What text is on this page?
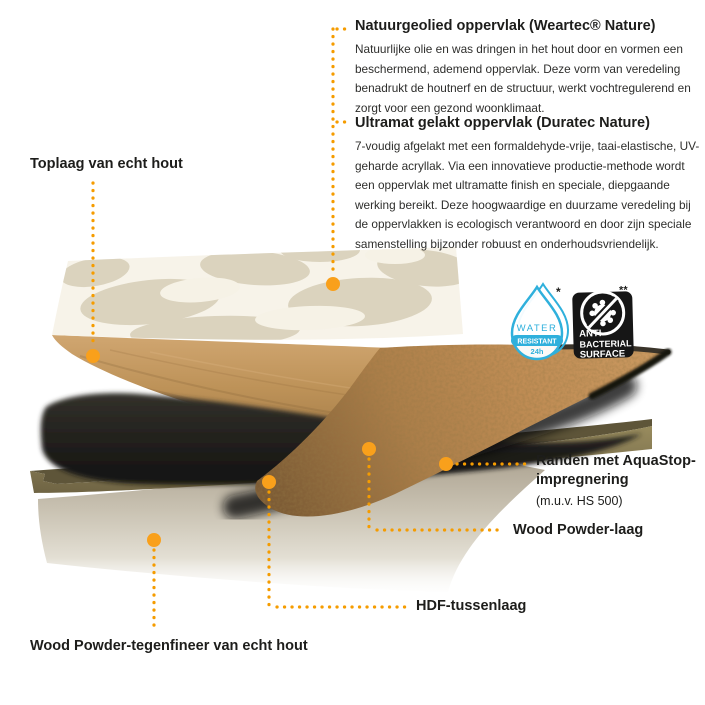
WATER
RESISTANT
24h
*
ANTI-
BACTERIAL
SURFACE
**
Natuurgeolied oppervlak (Weartec® Nature)
Natuurlijke olie en was dringen in het hout door en vormen een beschermend, ademend oppervlak. Deze vorm van veredeling benadrukt de houtnerf en de structuur, werkt vochtregulerend en zorgt voor een gezond woonklimaat.
Ultramat gelakt oppervlak (Duratec Nature)
7-voudig afgelakt met een formaldehyde-vrije, taai-elastische, UV-geharde acryllak. Via een innovatieve productie-methode wordt een oppervlak met ultramatte finish en speciale, diepgaande werking bereikt. Deze hoogwaardige en duurzame veredeling bij de oppervlakken is ecologisch verantwoord en door zijn speciale samenstelling bijzonder robuust en onderhoudsvriendelijk.
Toplaag van echt hout
Randen met AquaStop-impregnering
(m.u.v. HS 500)
Wood Powder-laag
HDF-tussenlaag
Wood Powder-tegenfineer van echt hout
